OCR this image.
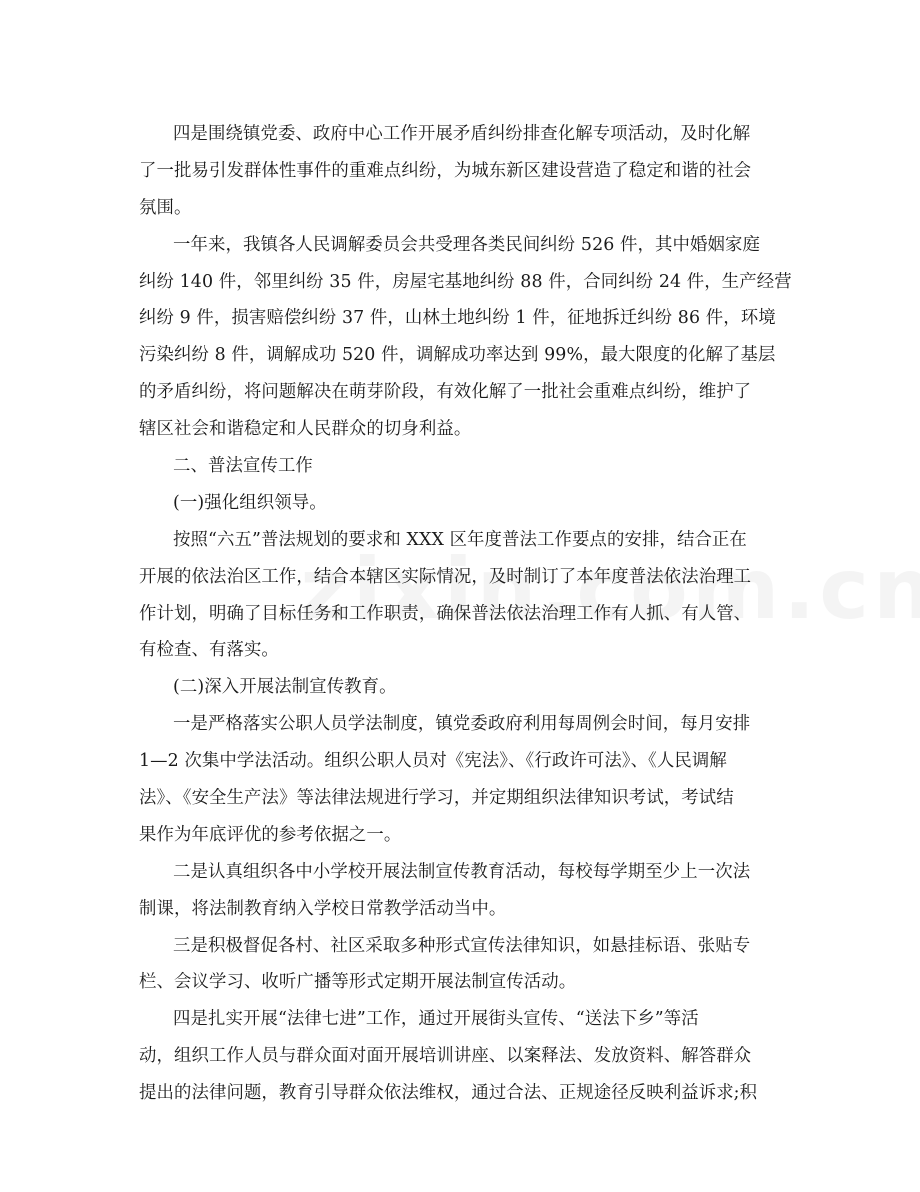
四是围绕镇党委、政府中心工作开展矛盾纠纷排查化解专项活动，及时化解
了一批易引发群体性事件的重难点纠纷，为城东新区建设营造了稳定和谐的社会
氛围。
一年来，我镇各人民调解委员会共受理各类民间纠纷 526 件，其中婚姻家庭
纠纷 140 件，邻里纠纷 35 件，房屋宅基地纠纷 88 件，合同纠纷 24 件，生产经营
纠纷 9 件，损害赔偿纠纷 37 件，山林土地纠纷 1 件，征地拆迁纠纷 86 件，环境
污染纠纷 8 件，调解成功 520 件，调解成功率达到 99%，最大限度的化解了基层
的矛盾纠纷，将问题解决在萌芽阶段，有效化解了一批社会重难点纠纷，维护了
辖区社会和谐稳定和人民群众的切身利益。
二、普法宣传工作
(一)强化组织领导。
按照“六五”普法规划的要求和 XXX 区年度普法工作要点的安排，结合正在
开展的依法治区工作，结合本辖区实际情况，及时制订了本年度普法依法治理工
作计划，明确了目标任务和工作职责，确保普法依法治理工作有人抓、有人管、
有检查、有落实。
(二)深入开展法制宣传教育。
一是严格落实公职人员学法制度，镇党委政府利用每周例会时间，每月安排
1—2 次集中学法活动。组织公职人员对《宪法》、《行政许可法》、《人民调解
法》、《安全生产法》等法律法规进行学习，并定期组织法律知识考试，考试结
果作为年底评优的参考依据之一。
二是认真组织各中小学校开展法制宣传教育活动，每校每学期至少上一次法
制课，将法制教育纳入学校日常教学活动当中。
三是积极督促各村、社区采取多种形式宣传法律知识，如悬挂标语、张贴专
栏、会议学习、收听广播等形式定期开展法制宣传活动。
四是扎实开展“法律七进”工作，通过开展街头宣传、“送法下乡”等活
动，组织工作人员与群众面对面开展培训讲座、以案释法、发放资料、解答群众
提出的法律问题，教育引导群众依法维权，通过合法、正规途径反映利益诉求;积
